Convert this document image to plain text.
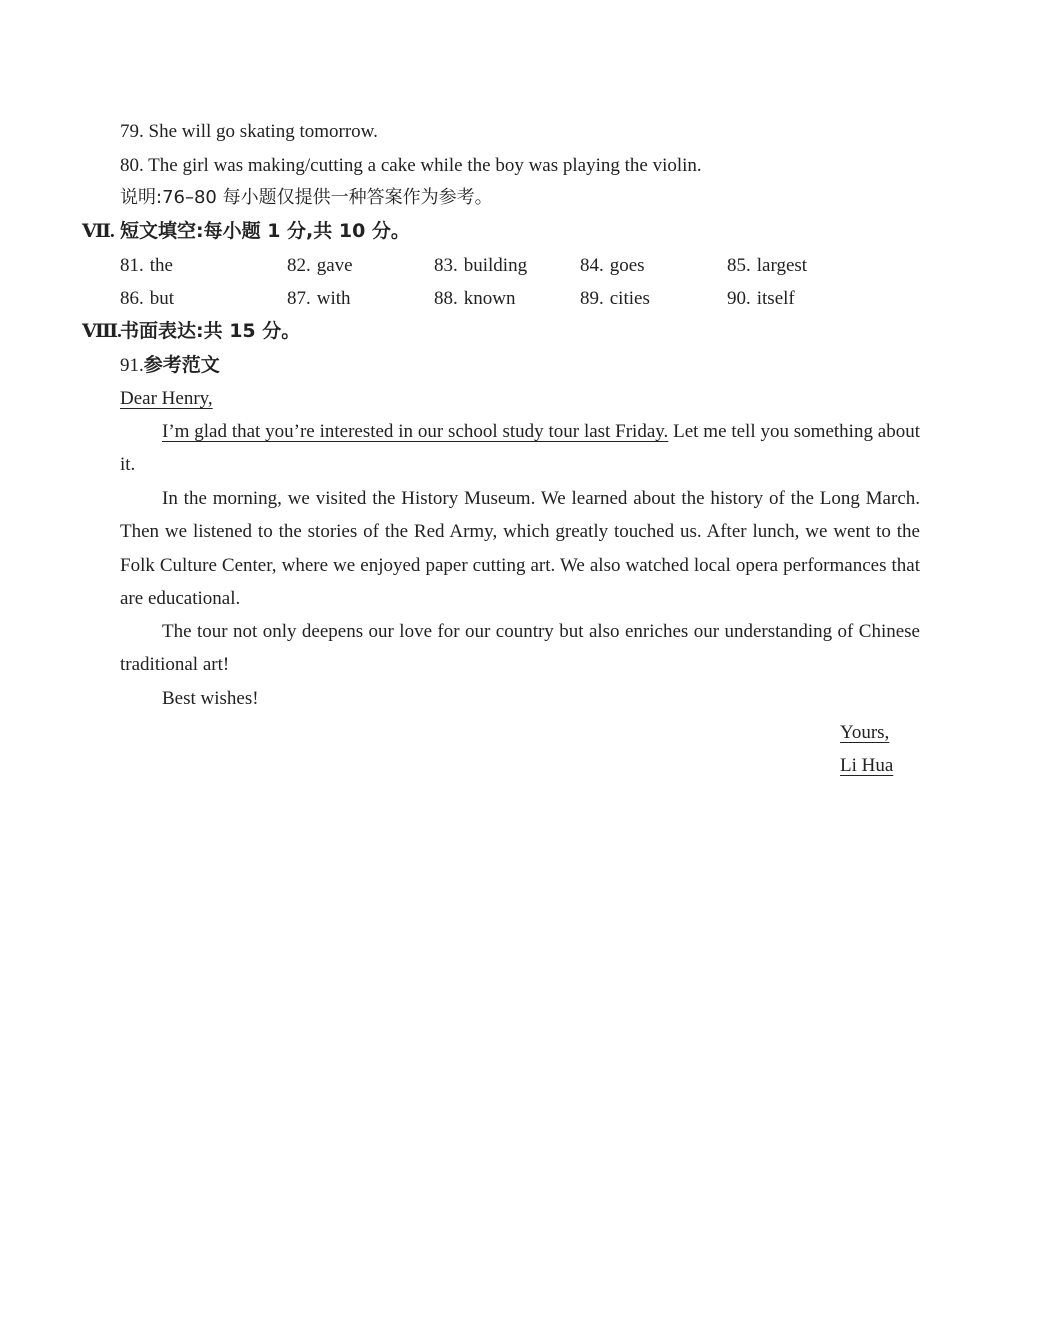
79. She will go skating tomorrow.
80. The girl was making/cutting a cake while the boy was playing the violin.
说明:76–80 每小题仅提供一种答案作为参考。
Ⅶ. 短文填空:每小题 1 分,共 10 分。
81. the	82. gave	83. building	84. goes	85. largest
86. but	87. with	88. known	89. cities	90. itself
Ⅷ.书面表达:共 15 分。
91.参考范文
Dear Henry,
I’m glad that you’re interested in our school study tour last Friday. Let me tell you something about it.
In the morning, we visited the History Museum. We learned about the history of the Long March. Then we listened to the stories of the Red Army, which greatly touched us. After lunch, we went to the Folk Culture Center, where we enjoyed paper cutting art. We also watched local opera performances that are educational.
The tour not only deepens our love for our country but also enriches our understanding of Chinese traditional art!
Best wishes!
Yours,
Li Hua
